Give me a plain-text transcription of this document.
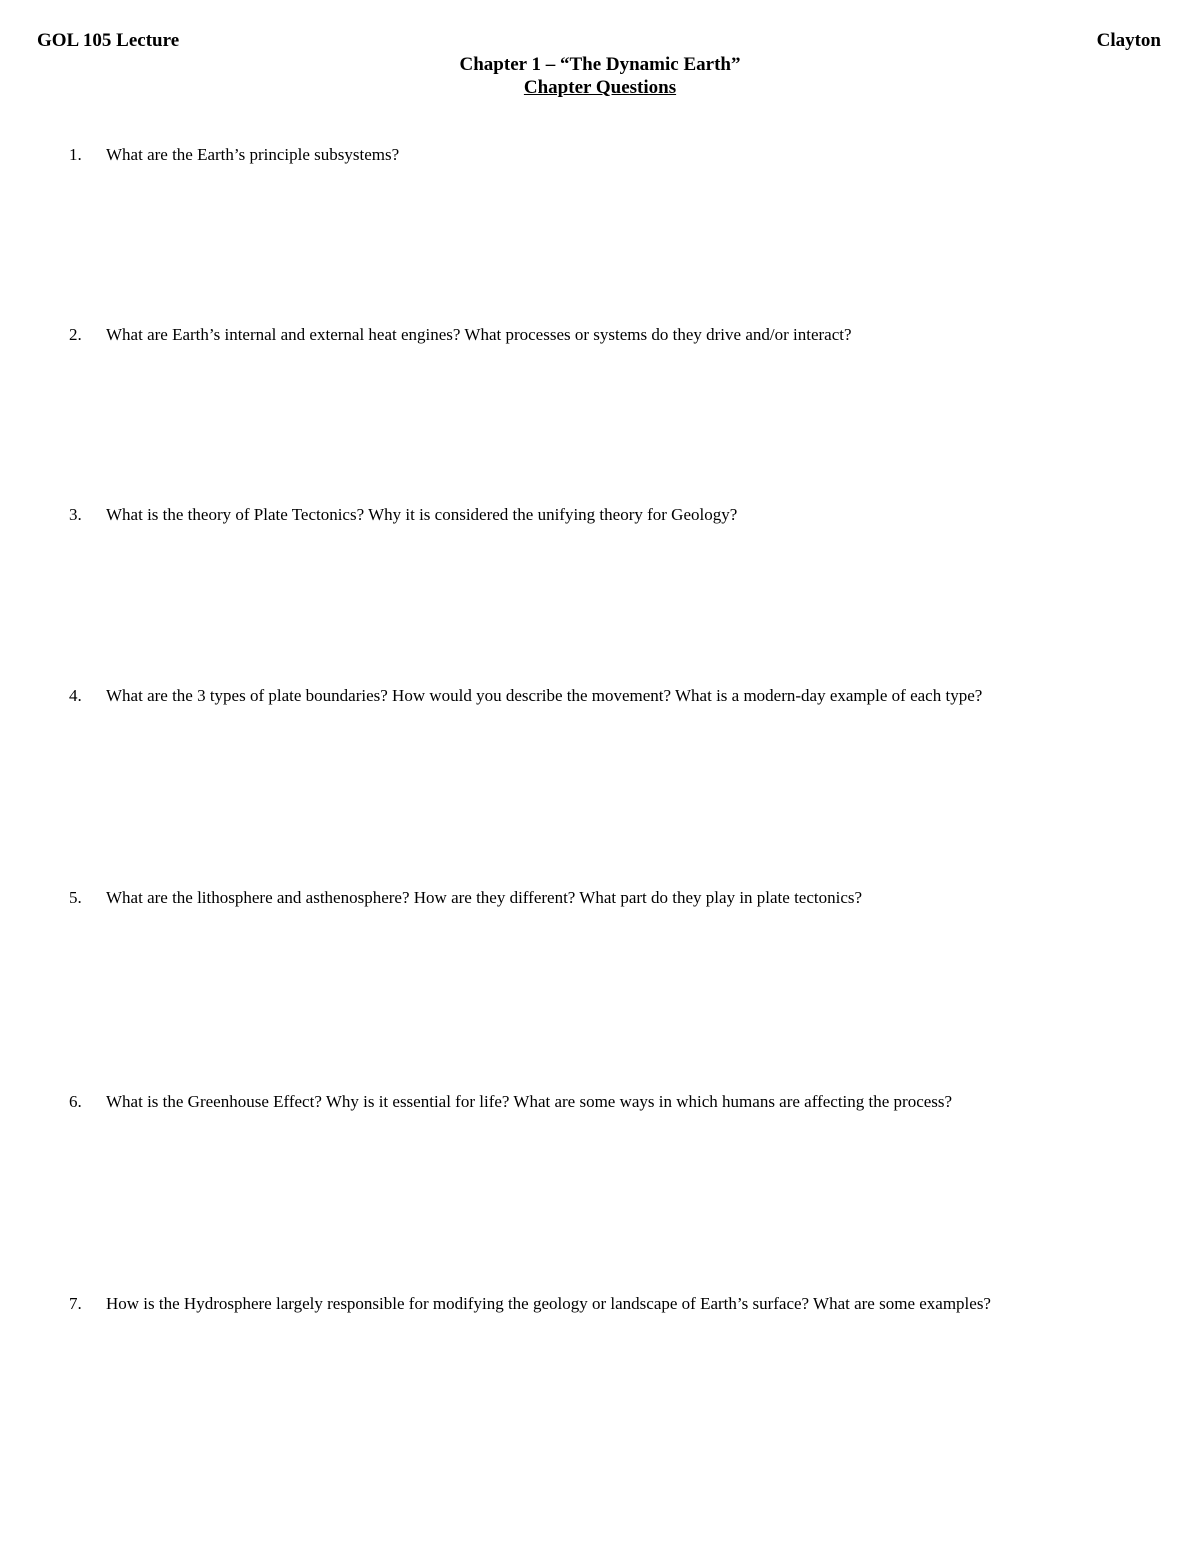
GOL 105 Lecture	Clayton
Chapter 1 – “The Dynamic Earth”
Chapter Questions
1. What are the Earth’s principle subsystems?
2. What are Earth’s internal and external heat engines? What processes or systems do they drive and/or interact?
3. What is the theory of Plate Tectonics? Why it is considered the unifying theory for Geology?
4. What are the 3 types of plate boundaries? How would you describe the movement? What is a modern-day example of each type?
5. What are the lithosphere and asthenosphere? How are they different? What part do they play in plate tectonics?
6. What is the Greenhouse Effect? Why is it essential for life? What are some ways in which humans are affecting the process?
7. How is the Hydrosphere largely responsible for modifying the geology or landscape of Earth’s surface? What are some examples?
